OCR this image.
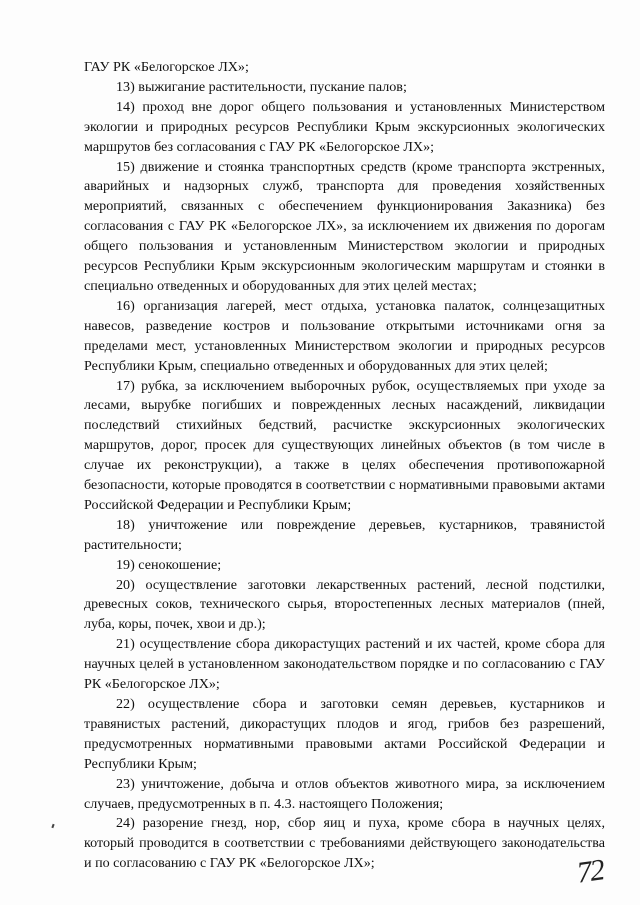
ГАУ РК «Белогорское ЛХ»;

13) выжигание растительности, пускание палов;

14) проход вне дорог общего пользования и установленных Министерством экологии и природных ресурсов Республики Крым экскурсионных экологических маршрутов без согласования с ГАУ РК «Белогорское ЛХ»;

15) движение и стоянка транспортных средств (кроме транспорта экстренных, аварийных и надзорных служб, транспорта для проведения хозяйственных мероприятий, связанных с обеспечением функционирования Заказника) без согласования с ГАУ РК «Белогорское ЛХ», за исключением их движения по дорогам общего пользования и установленным Министерством экологии и природных ресурсов Республики Крым экскурсионным экологическим маршрутам и стоянки в специально отведенных и оборудованных для этих целей местах;

16) организация лагерей, мест отдыха, установка палаток, солнцезащитных навесов, разведение костров и пользование открытыми источниками огня за пределами мест, установленных Министерством экологии и природных ресурсов Республики Крым, специально отведенных и оборудованных для этих целей;

17) рубка, за исключением выборочных рубок, осуществляемых при уходе за лесами, вырубке погибших и поврежденных лесных насаждений, ликвидации последствий стихийных бедствий, расчистке экскурсионных экологических маршрутов, дорог, просек для существующих линейных объектов (в том числе в случае их реконструкции), а также в целях обеспечения противопожарной безопасности, которые проводятся в соответствии с нормативными правовыми актами Российской Федерации и Республики Крым;

18) уничтожение или повреждение деревьев, кустарников, травянистой растительности;

19) сенокошение;

20) осуществление заготовки лекарственных растений, лесной подстилки, древесных соков, технического сырья, второстепенных лесных материалов (пней, луба, коры, почек, хвои и др.);

21) осуществление сбора дикорастущих растений и их частей, кроме сбора для научных целей в установленном законодательством порядке и по согласованию с ГАУ РК «Белогорское ЛХ»;

22) осуществление сбора и заготовки семян деревьев, кустарников и травянистых растений, дикорастущих плодов и ягод, грибов без разрешений, предусмотренных нормативными правовыми актами Российской Федерации и Республики Крым;

23) уничтожение, добыча и отлов объектов животного мира, за исключением случаев, предусмотренных в п. 4.3. настоящего Положения;

24) разорение гнезд, нор, сбор яиц и пуха, кроме сбора в научных целях, который проводится в соответствии с требованиями действующего законодательства и по согласованию с ГАУ РК «Белогорское ЛХ»;	72
